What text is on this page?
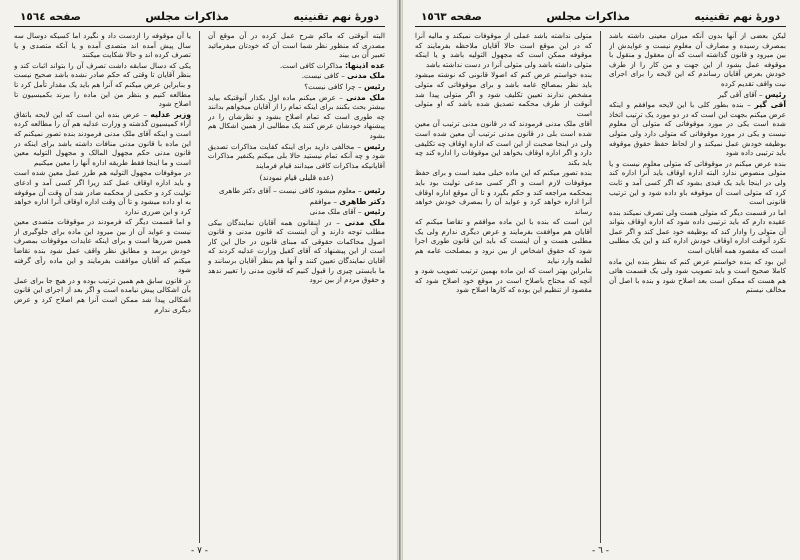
دورهٔ نهم تقنینیه
مذاکرات مجلس
صفحه ١٥٦٤

البته آنوقتی که ماکم شرح عمل کرده در آن موقع آن مصدری که منظور نظر شما است آن که خودتان میفرمائید تعبیر آن بی بیند

عده اذینها: مذاکرات کافی است.

ملک مدنی – کافی نیست.

رئیس – چرا کافی نیست؟

ملک مدنی – عرض میکنم ماده اول بکذار آنوقتیکه بیاید بیشتر بحث بکنند برای اینکه تمام را از آقایان میخواهم بدانند چه طوری است که تمام اصلاح بشود و نظرشان را در پیشنهاد خودشان عرض کنند یک مطالبی از همین اشکال هم بشود

رئیس – مخالفی دارید برای اینکه کفایت مذاکرات تصدیق شود و چه آنکه تمام نیستید حالا بلی میکنم یکنفیر مذاکرات آقایانیکه مذاکرات کافی میدانند قیام فرمایند

(عده قلیلی قیام نمودند)

رئیس – معلوم میشود کافی نیست – آقای دکتر طاهری

دکتر طاهری – موافقم

رئیس – آقای ملک مدنی

ملک مدنی – در اینقانون همه آقایان نمایندگان بیکی مطلب توجه دارند و آن اینست که قانون مدنی و قانون اصول محاکمات حقوقی که مبنای قانون در حال این کار است از این پیشنهاد که آقای کفیل وزارت عدلیه کردند که آقایان نمایندگان تعیین کنند و آنها هم بنظر آقایان برسانند و ما بایستی چیزی را قبول کنیم که قانون مدنی را تغییر ندهد و حقوق مردم از بین نرود

یا آن موقوفه را ازدست داد و نگیرد اما کسیکه دوسال سه سال پیش آمده اند متصدی آمده و یا آنکه متصدی و یا تصرف کرده اند و حالا شکایت میکنند

یکی که دسال سابقه داشت تصرف آن را بتواند اثبات کند و بنظر آقایان تا وقتی که حکم صادر نشده باشد صحیح نیست و بنابراین عرض میکنم که آنرا هم باید یک مقدار تأمل کرد تا مطالعه کنیم و بنظر من این ماده را ببرند بکمیسیون تا اصلاح شود

وزیر عدلیه – عرض بنده این است که این لایحه باتفاق آراء کمیسیون گذشته و وزارت عدلیه هم آن را مطالعه کرده است و اینکه آقای ملک مدنی فرمودند بنده تصور نمیکنم که این ماده با قانون مدنی منافات داشته باشد برای اینکه در قانون مدنی حکم مجهول المالک و مجهول التولیه معین است و ما اینجا فقط طریقه اداره آنها را معین میکنیم

در موقوفات مجهول التولیه هم طرز عمل معین شده است و باید اداره اوقاف عمل کند زیرا اگر کسی آمد و ادعای تولیت کرد و حکمی از محکمه صادر شد آن وقت آن موقوفه به او داده میشود و تا آن وقت اداره اوقاف آنرا اداره خواهد کرد و این ضرری ندارد

و اما قسمت دیگر که فرمودند در موقوفات متصدی معین نیست و عواید آن از بین میرود این ماده برای جلوگیری از همین ضررها است و برای اینکه عایدات موقوفات بمصرف خودش برسد و مطابق نظر واقف عمل شود بنده تقاضا میکنم که آقایان موافقت بفرمایند و این ماده رأی گرفته شود

در قانون سابق هم همین ترتیب بوده و در هیچ جا برای عمل بآن اشکالی پیش نیامده است و اگر بعد از اجرای این قانون اشکالی پیدا شد ممکن است آنرا هم اصلاح کرد و عرض دیگری ندارم

- ٧ -
دورهٔ نهم تقنینیه
مذاکرات مجلس
صفحه ١٥٦٣

لیکن بعضی از آنها بدون آنکه میزان معینی داشته باشد بمصرف رسیده و مصارف آن معلوم نیست و عوایدش از بین میرود و قانون گذاشته است که آن معقول و منقول با موقوفه عمل بشود از این جهت و من کار را از طرف خودش بعرض آقایان رساندم که این لایحه را برای اجرای نیت واقف تقدیم کرده

رئیس – آقای آقی گیر

آقی گیر – بنده بطور کلی با این لایحه موافقم و اینکه عرض میکنم بجهت این است که در دو مورد یک ترتیب اتخاذ شده است یکی در مورد موقوفاتی که متولی آن معلوم نیست و یکی در مورد موقوفاتی که متولی دارد ولی متولی بوظیفه خودش عمل نمیکند و از لحاظ حفظ حقوق موقوفه باید ترتیبی داده شود

بنده عرض میکنم در موقوفاتی که متولی معلوم نیست و یا متولی منصوص ندارد البته اداره اوقاف باید آنرا اداره کند ولی در اینجا باید یک قیدی بشود که اگر کسی آمد و ثابت کرد که متولی است آن موقوفه باو داده شود و این ترتیب قانونی است

اما در قسمت دیگر که متولی هست ولی تصرف نمیکند بنده عقیده دارم که باید ترتیبی داده شود که اداره اوقاف بتواند آن متولی را وادار کند که بوظیفه خود عمل کند و اگر عمل نکرد آنوقت اداره اوقاف خودش اداره کند و این یک مطلبی است که مقصود همه آقایان است

این بود که بنده خواستم عرض کنم که بنظر بنده این ماده کاملا صحیح است و باید تصویب شود ولی یک قسمت هائی هم هست که ممکن است بعد اصلاح شود و بنده با اصل آن مخالف نیستم

متولی نداشته باشد عملی از موقوفات نمیکند و مالیه آنرا که در این موقع است حالا آقایان ملاحظه بفرمایند که موقوفه ممکن است که مجهول التولیه باشد و یا اینکه متولی داشته باشد ولی متولی آنرا در دست نداشته باشد

بنده خواستم عرض کنم که اصولا قانونی که نوشته میشود باید نظر بمصالح عامه باشد و برای موقوفاتی که متولی مشخص ندارند تعیین تکلیف شود و اگر متولی پیدا شد آنوقت از طرف محکمه تصدیق شده باشد که او متولی است

آقای ملک مدنی فرمودند که در قانون مدنی ترتیب آن معین شده است بلی در قانون مدنی ترتیب آن معین شده است ولی در اینجا صحبت از این است که اداره اوقاف چه تکلیفی دارد و اگر اداره اوقاف بخواهد این موقوفات را اداره کند چه باید بکند

بنده تصور میکنم که این ماده خیلی مفید است و برای حفظ موقوفات لازم است و اگر کسی مدعی تولیت بود باید بمحکمه مراجعه کند و حکم بگیرد و تا آن موقع اداره اوقاف آنرا اداره خواهد کرد و عواید آن را بمصرف خودش خواهد رساند

این است که بنده با این ماده موافقم و تقاضا میکنم که آقایان هم موافقت بفرمایند و عرض دیگری ندارم ولی یک مطلبی هست و آن اینست که باید این قانون طوری اجرا شود که حقوق اشخاص از بین نرود و بمصلحت عامه هم لطمه وارد نیاید

بنابراین بهتر است که این ماده بهمین ترتیب تصویب شود و آنچه که محتاج باصلاح است در موقع خود اصلاح شود که مقصود از تنظیم این بوده که کارها اصلاح شود

- ٦ -
